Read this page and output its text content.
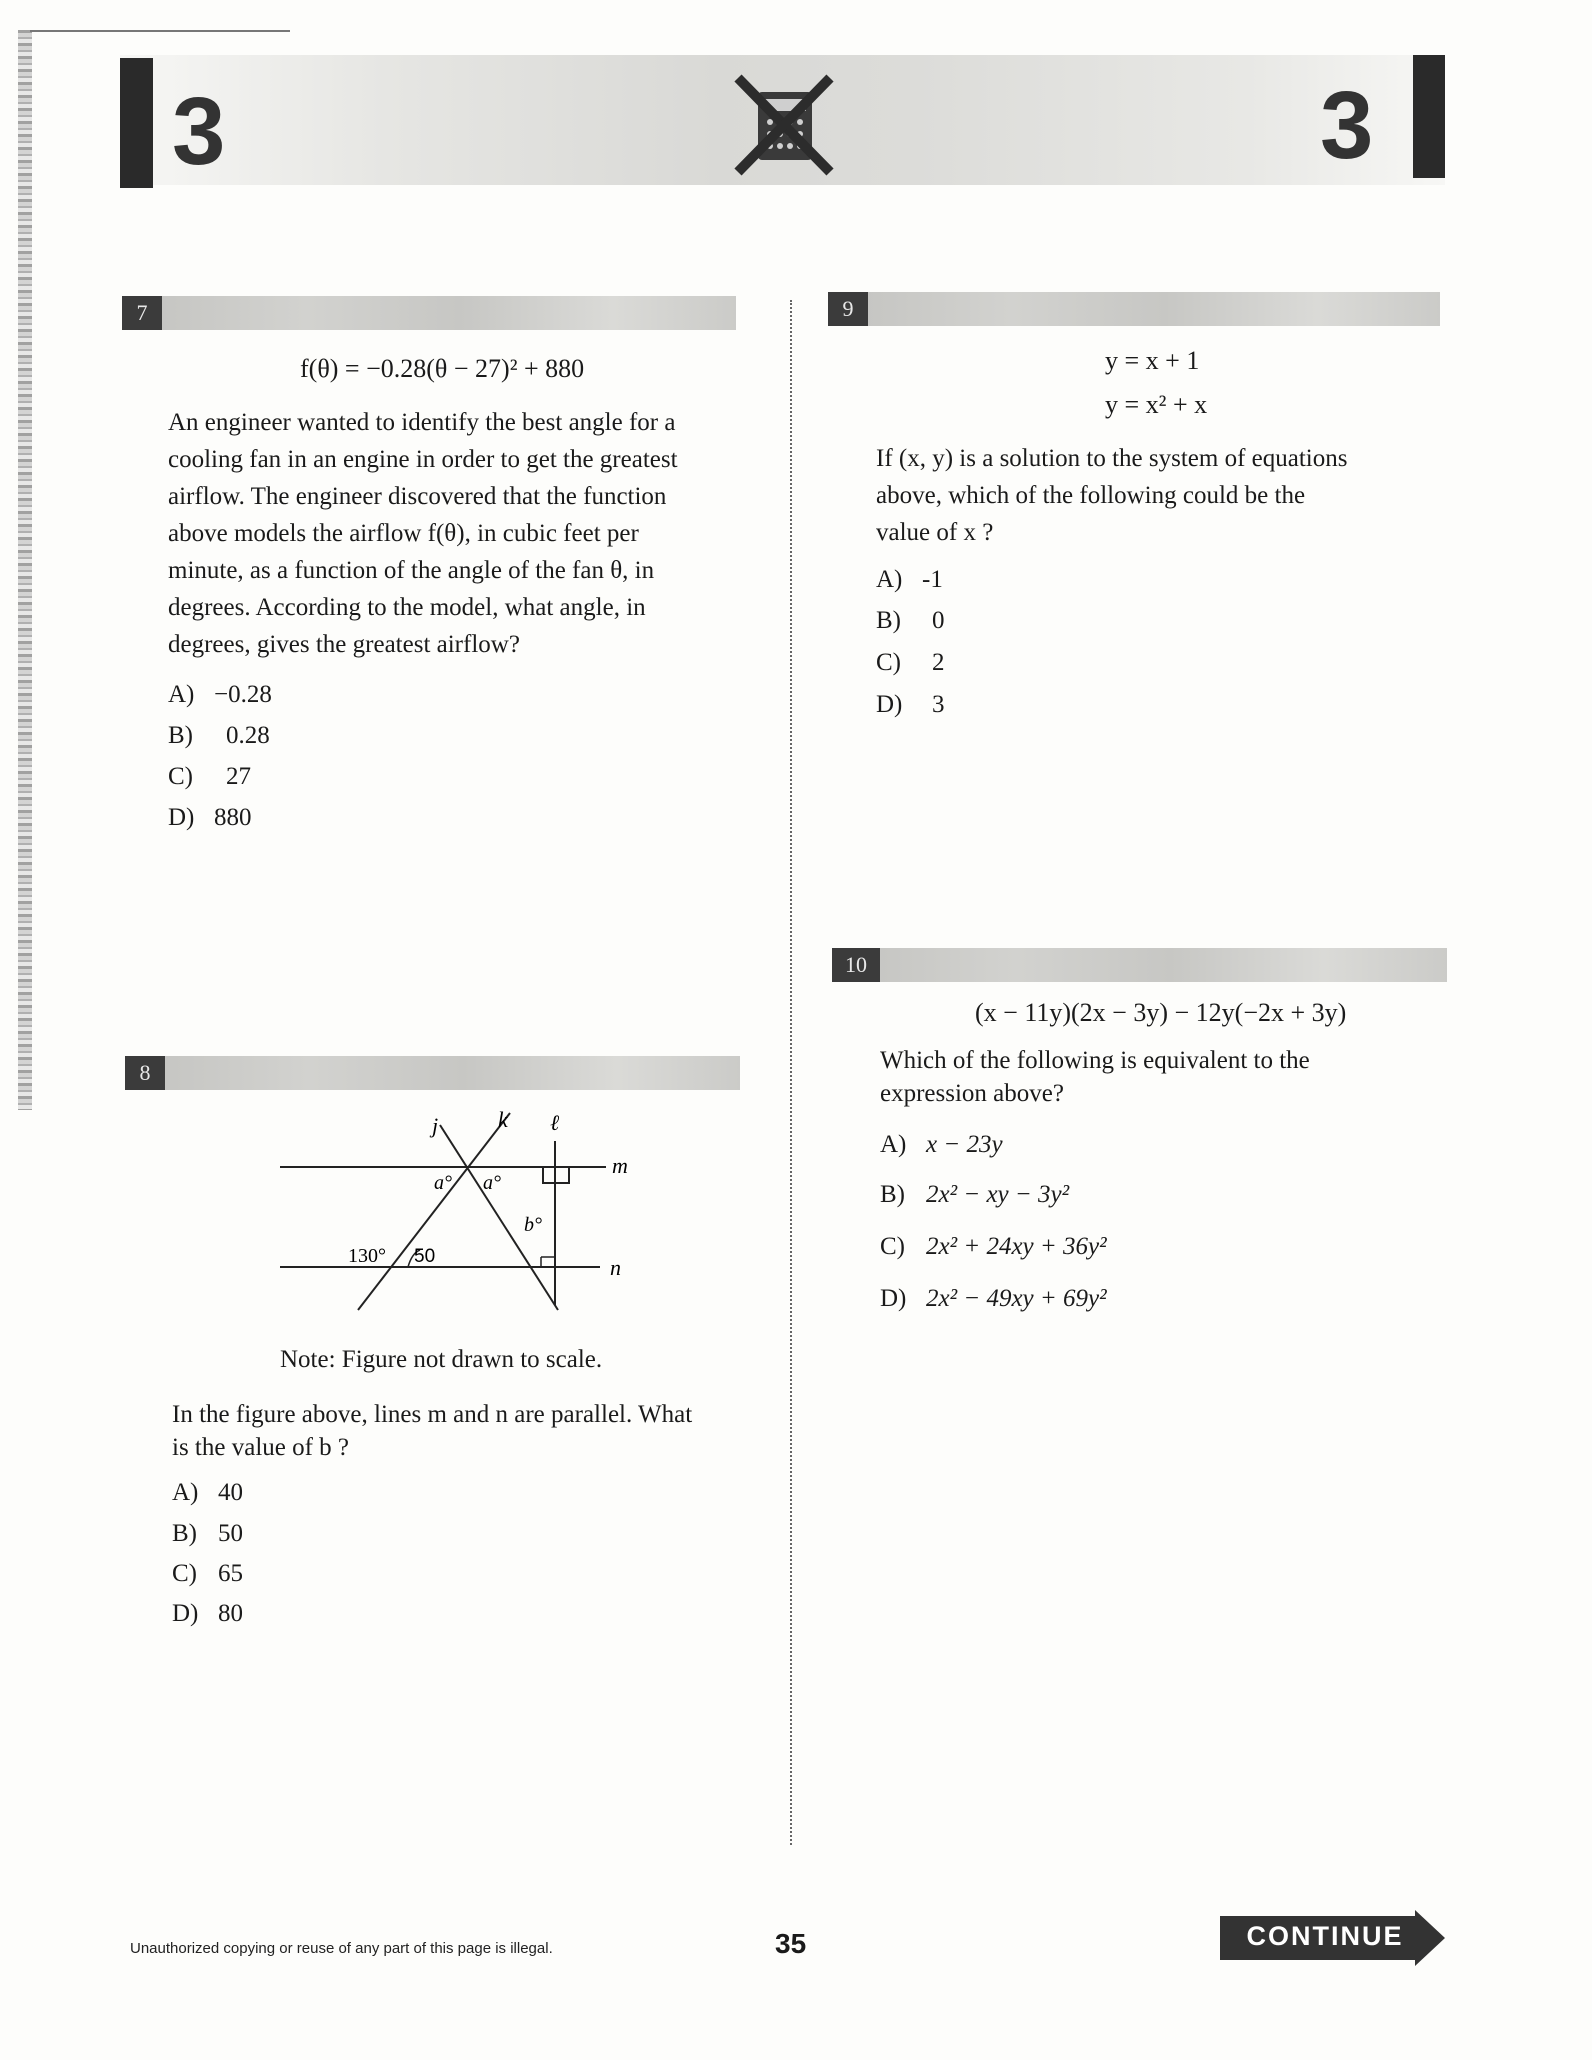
3	3
7
f(θ) = −0.28(θ − 27)² + 880
An engineer wanted to identify the best angle for a
cooling fan in an engine in order to get the greatest
airflow. The engineer discovered that the function
above models the airflow f(θ), in cubic feet per
minute, as a function of the angle of the fan θ, in
degrees. According to the model, what angle, in
degrees, gives the greatest airflow?
A) −0.28
B) 0.28
C) 27
D) 880
8
j	k ℓ
m
n
a° a°
b°
130° 50
Note: Figure not drawn to scale.
In the figure above, lines m and n are parallel. What
is the value of b ?
A) 40
B) 50
C) 65
D) 80
9
y = x + 1
y = x² + x
If (x, y) is a solution to the system of equations
above, which of the following could be the
value of x ?
A) -1
B) 0
C) 2
D) 3
10
(x − 11y)(2x − 3y) − 12y(−2x + 3y)
Which of the following is equivalent to the
expression above?
A) x − 23y
B) 2x² − xy − 3y²
C) 2x² + 24xy + 36y²
D) 2x² − 49xy + 69y²
Unauthorized copying or reuse of any part of this page is illegal.	35	CONTINUE
